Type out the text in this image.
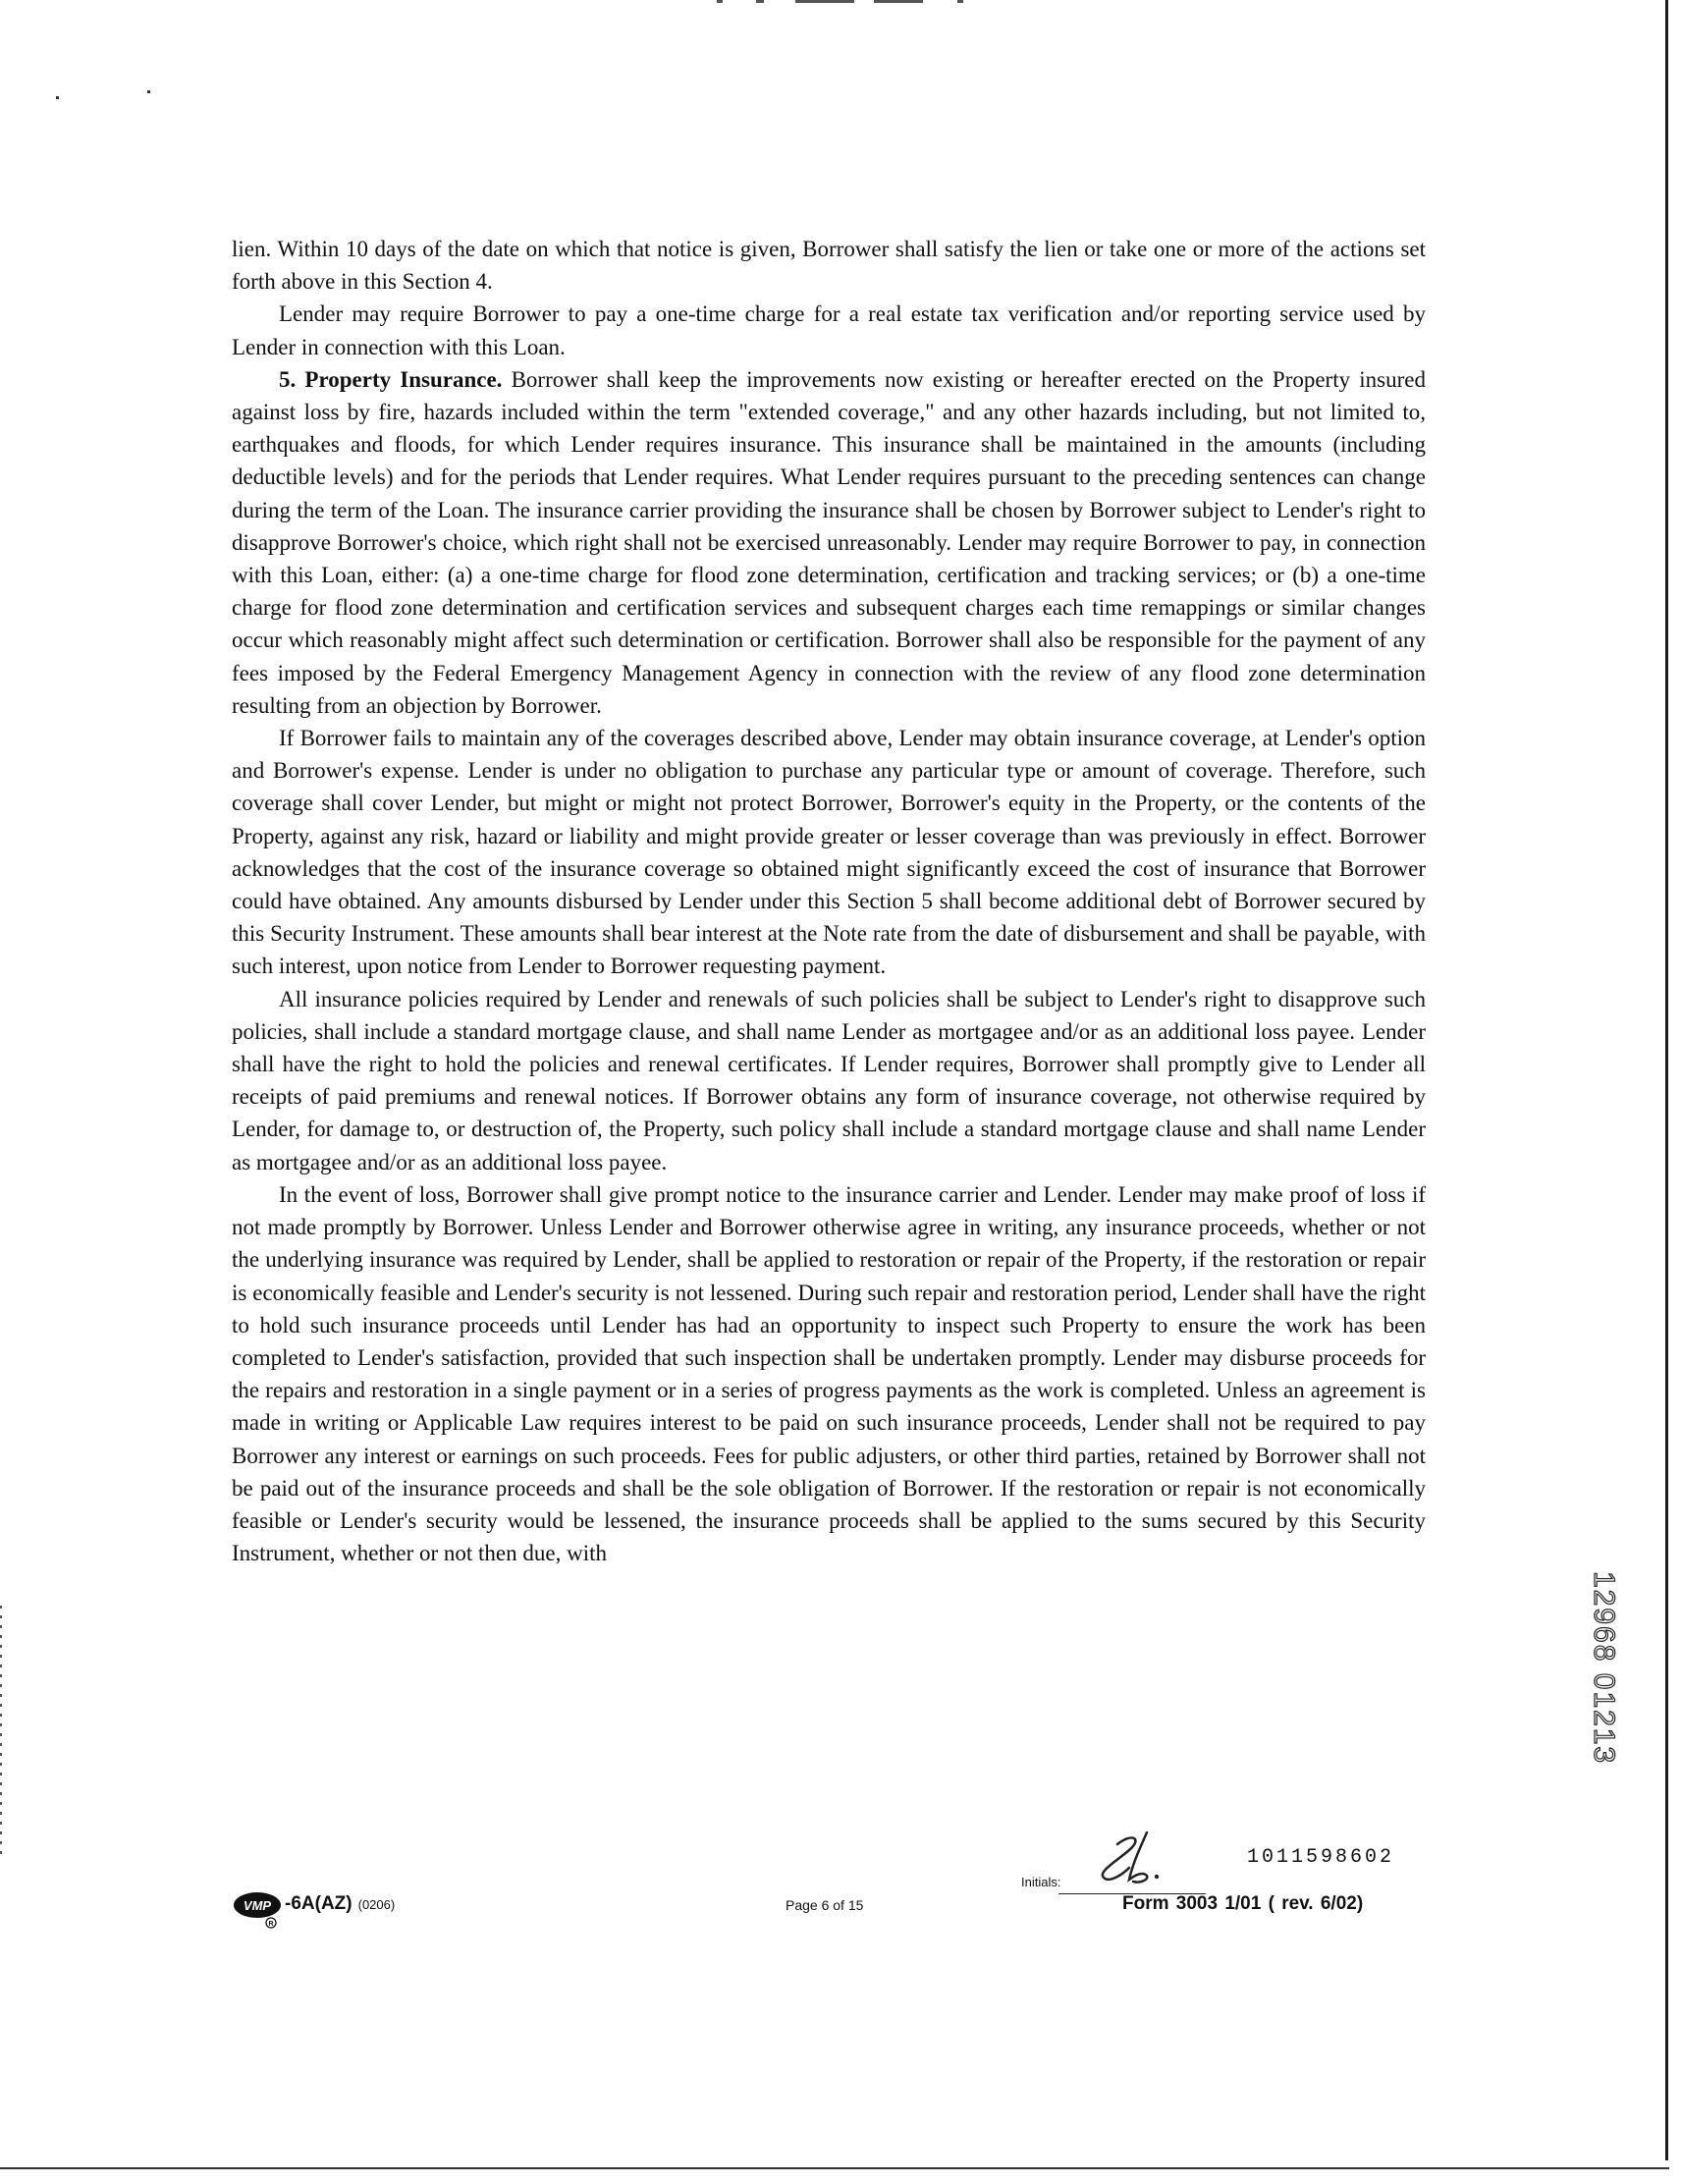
lien. Within 10 days of the date on which that notice is given, Borrower shall satisfy the lien or take one or more of the actions set forth above in this Section 4.

Lender may require Borrower to pay a one-time charge for a real estate tax verification and/or reporting service used by Lender in connection with this Loan.

5. Property Insurance. Borrower shall keep the improvements now existing or hereafter erected on the Property insured against loss by fire, hazards included within the term "extended coverage," and any other hazards including, but not limited to, earthquakes and floods, for which Lender requires insurance. This insurance shall be maintained in the amounts (including deductible levels) and for the periods that Lender requires. What Lender requires pursuant to the preceding sentences can change during the term of the Loan. The insurance carrier providing the insurance shall be chosen by Borrower subject to Lender's right to disapprove Borrower's choice, which right shall not be exercised unreasonably. Lender may require Borrower to pay, in connection with this Loan, either: (a) a one-time charge for flood zone determination, certification and tracking services; or (b) a one-time charge for flood zone determination and certification services and subsequent charges each time remappings or similar changes occur which reasonably might affect such determination or certification. Borrower shall also be responsible for the payment of any fees imposed by the Federal Emergency Management Agency in connection with the review of any flood zone determination resulting from an objection by Borrower.

If Borrower fails to maintain any of the coverages described above, Lender may obtain insurance coverage, at Lender's option and Borrower's expense. Lender is under no obligation to purchase any particular type or amount of coverage. Therefore, such coverage shall cover Lender, but might or might not protect Borrower, Borrower's equity in the Property, or the contents of the Property, against any risk, hazard or liability and might provide greater or lesser coverage than was previously in effect. Borrower acknowledges that the cost of the insurance coverage so obtained might significantly exceed the cost of insurance that Borrower could have obtained. Any amounts disbursed by Lender under this Section 5 shall become additional debt of Borrower secured by this Security Instrument. These amounts shall bear interest at the Note rate from the date of disbursement and shall be payable, with such interest, upon notice from Lender to Borrower requesting payment.

All insurance policies required by Lender and renewals of such policies shall be subject to Lender's right to disapprove such policies, shall include a standard mortgage clause, and shall name Lender as mortgagee and/or as an additional loss payee. Lender shall have the right to hold the policies and renewal certificates. If Lender requires, Borrower shall promptly give to Lender all receipts of paid premiums and renewal notices. If Borrower obtains any form of insurance coverage, not otherwise required by Lender, for damage to, or destruction of, the Property, such policy shall include a standard mortgage clause and shall name Lender as mortgagee and/or as an additional loss payee.

In the event of loss, Borrower shall give prompt notice to the insurance carrier and Lender. Lender may make proof of loss if not made promptly by Borrower. Unless Lender and Borrower otherwise agree in writing, any insurance proceeds, whether or not the underlying insurance was required by Lender, shall be applied to restoration or repair of the Property, if the restoration or repair is economically feasible and Lender's security is not lessened. During such repair and restoration period, Lender shall have the right to hold such insurance proceeds until Lender has had an opportunity to inspect such Property to ensure the work has been completed to Lender's satisfaction, provided that such inspection shall be undertaken promptly. Lender may disburse proceeds for the repairs and restoration in a single payment or in a series of progress payments as the work is completed. Unless an agreement is made in writing or Applicable Law requires interest to be paid on such insurance proceeds, Lender shall not be required to pay Borrower any interest or earnings on such proceeds. Fees for public adjusters, or other third parties, retained by Borrower shall not be paid out of the insurance proceeds and shall be the sole obligation of Borrower. If the restoration or repair is not economically feasible or Lender's security would be lessened, the insurance proceeds shall be applied to the sums secured by this Security Instrument, whether or not then due, with

Initials:
1011598602
VMP
R
-6A(AZ) (0206)	Page 6 of 15	Form 3003 1/01 ( rev. 6/02)
12968 01213
